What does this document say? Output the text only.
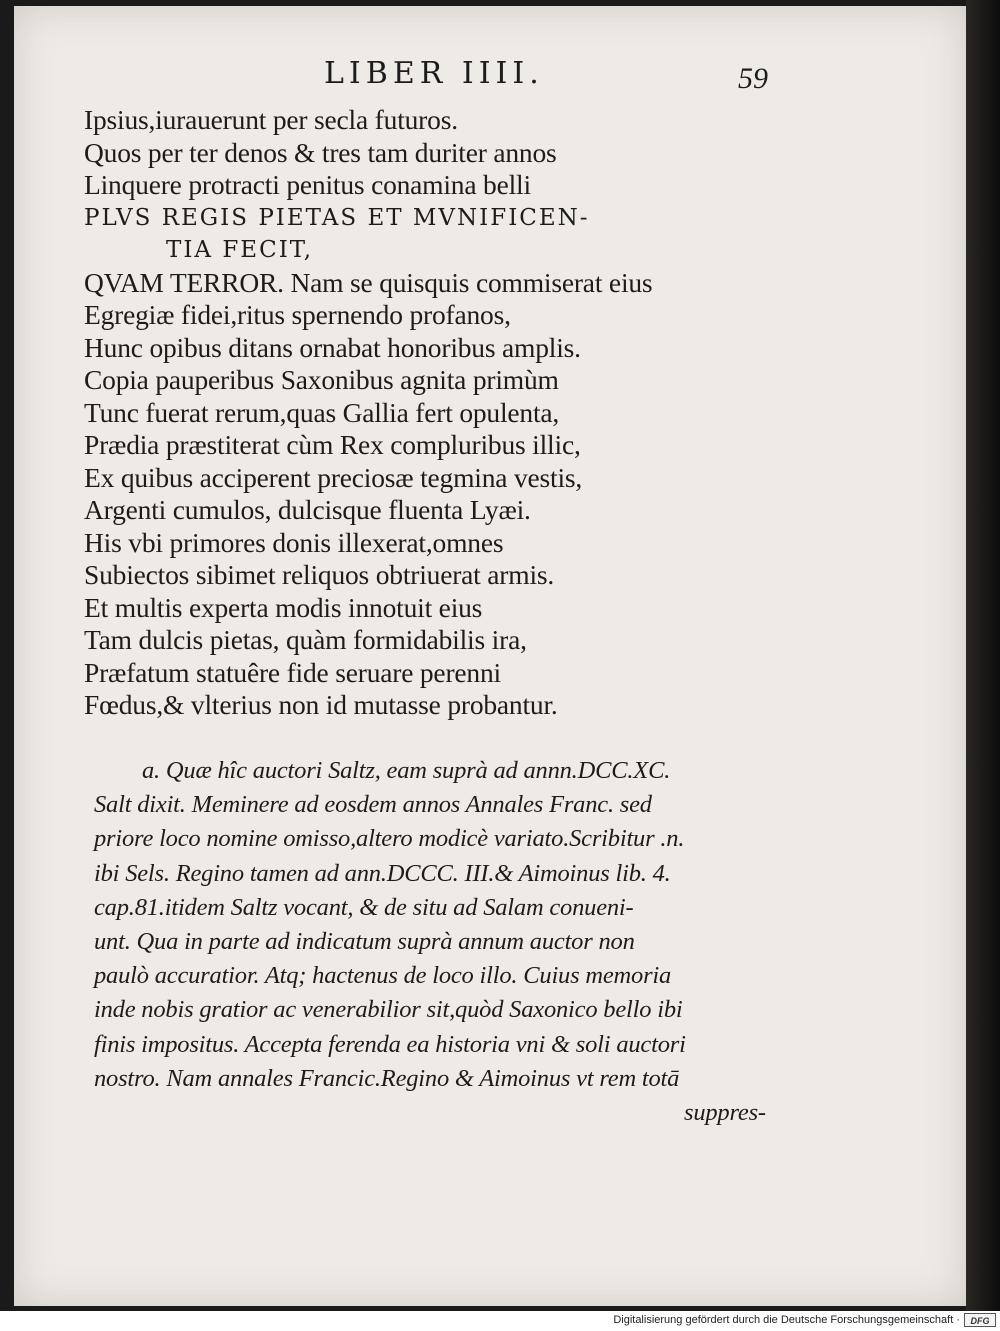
LIBER IIII.	59
Ipsius,iurauerunt per secla futuros.
Quos per ter denos & tres tam duriter annos
Linquere protracti penitus conamina belli
PLVS REGIS PIETAS ET MVNIFICEN-
TIA FECIT,
QVAM TERROR. Nam se quisquis commiserat eius
Egregiæ fidei,ritus spernendo profanos,
Hunc opibus ditans ornabat honoribus amplis.
Copia pauperibus Saxonibus agnita primùm
Tunc fuerat rerum,quas Gallia fert opulenta,
Prædia præstiterat cùm Rex compluribus illic,
Ex quibus acciperent preciosæ tegmina vestis,
Argenti cumulos, dulcisque fluenta Lyæi.
His vbi primores donis illexerat,omnes
Subiectos sibimet reliquos obtriuerat armis.
Et multis experta modis innotuit eius
Tam dulcis pietas, quàm formidabilis ira,
Præfatum statuêre fide seruare perenni
Fœdus,& vlterius non id mutasse probantur.
a. Quæ hîc auctori Saltz, eam suprà ad annn.DCC.XC.
Salt dixit. Meminere ad eosdem annos Annales Franc. sed
priore loco nomine omisso,altero modicè variato.Scribitur .n.
ibi Sels. Regino tamen ad ann.DCCC. III.& Aimoinus lib. 4.
cap.81.itidem Saltz vocant, & de situ ad Salam conueni-
unt. Qua in parte ad indicatum suprà annum auctor non
paulò accuratior. Atq; hactenus de loco illo. Cuius memoria
inde nobis gratior ac venerabilior sit,quòd Saxonico bello ibi
finis impositus. Accepta ferenda ea historia vni & soli auctori
nostro. Nam annales Francic.Regino & Aimoinus vt rem totā
suppres-
Digitalisierung gefördert durch die Deutsche Forschungsgemeinschaft ·	DFG
